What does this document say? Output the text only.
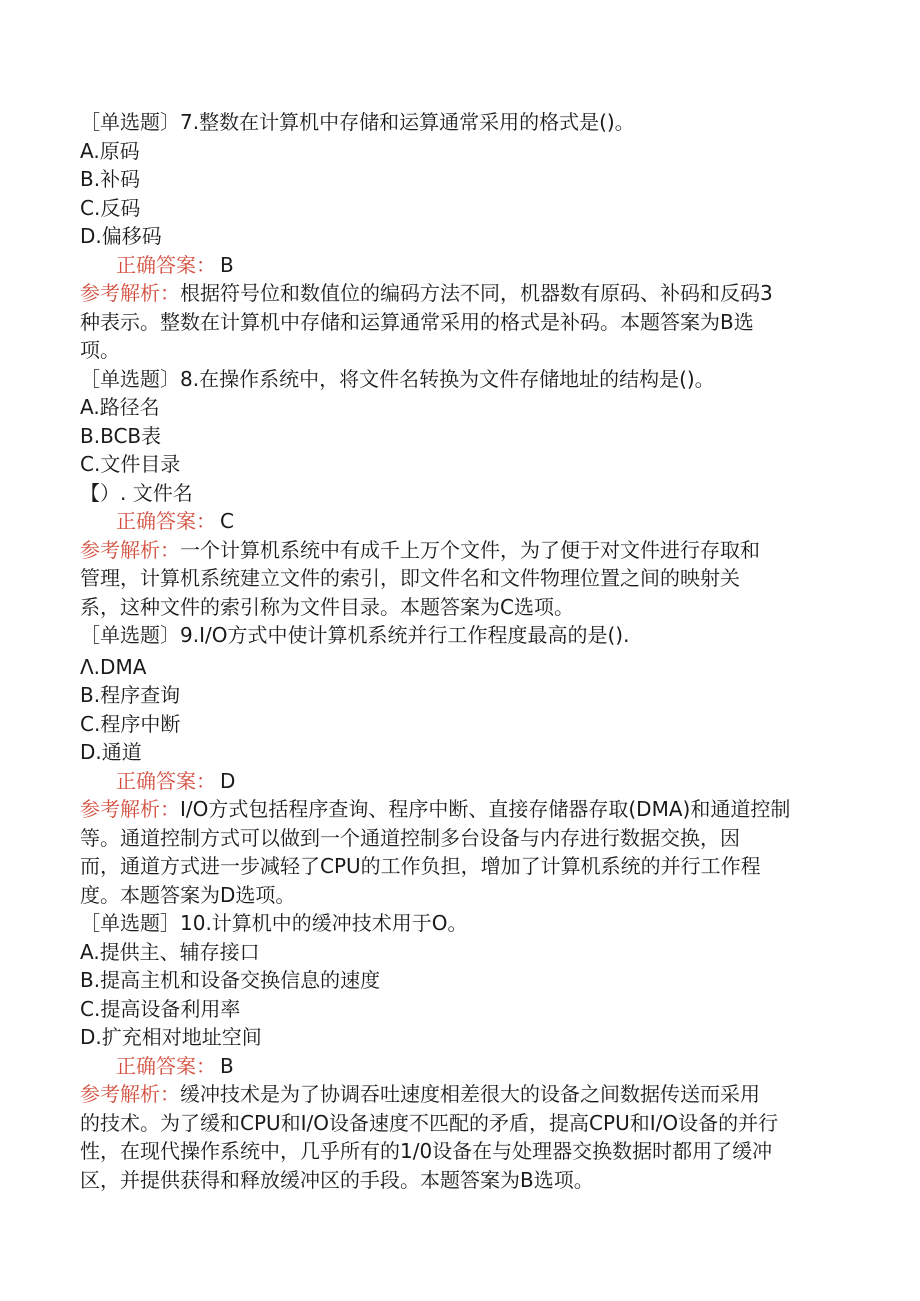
［单选题〕7.整数在计算机中存储和运算通常采用的格式是()。
A.原码
B.补码
C.反码
D.偏移码
正确答案： B
参考解析：根据符号位和数值位的编码方法不同，机器数有原码、补码和反码3
种表示。整数在计算机中存储和运算通常采用的格式是补码。本题答案为B选
项。
［单选题〕8.在操作系统中，将文件名转换为文件存储地址的结构是()。
A.路径名
B.BCB表
C.文件目录
【）. 文件名
正确答案： C
参考解析：一个计算机系统中有成千上万个文件，为了便于对文件进行存取和
管理，计算机系统建立文件的索引，即文件名和文件物理位置之间的映射关
系，这种文件的索引称为文件目录。本题答案为C选项。
［单选题〕9.I/O方式中使计算机系统并行工作程度最高的是().
Λ.DMA
B.程序查询
C.程序中断
D.通道
正确答案： D
参考解析：I/O方式包括程序查询、程序中断、直接存储器存取(DMA)和通道控制
等。通道控制方式可以做到一个通道控制多台设备与内存进行数据交换，因
而，通道方式进一步减轻了CPU的工作负担，增加了计算机系统的并行工作程
度。本题答案为D选项。
［单选题］10.计算机中的缓冲技术用于O。
A.提供主、辅存接口
B.提高主机和设备交换信息的速度
C.提高设备利用率
D.扩充相对地址空间
正确答案： B
参考解析：缓冲技术是为了协调吞吐速度相差很大的设备之间数据传送而采用
的技术。为了缓和CPU和I/O设备速度不匹配的矛盾，提高CPU和I/O设备的并行
性，在现代操作系统中，几乎所有的1/0设备在与处理器交换数据时都用了缓冲
区，并提供获得和释放缓冲区的手段。本题答案为B选项。
